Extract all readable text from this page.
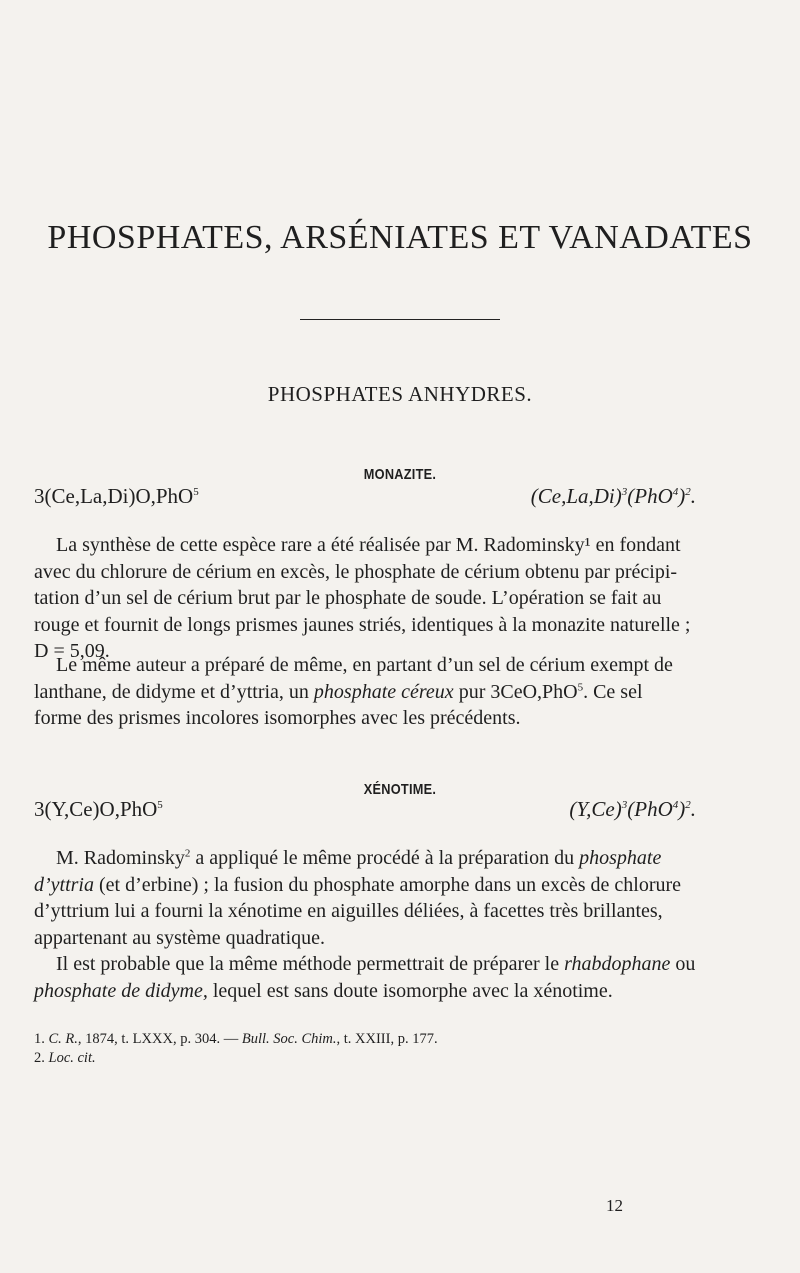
PHOSPHATES, ARSÉNIATES ET VANADATES
PHOSPHATES ANHYDRES.
MONAZITE.
3(Ce,La,Di)O,PhO$^5$	$(Ce,La,Di)^3(PhO^4)^2$.
La synthèse de cette espèce rare a été réalisée par M. Radominsky¹ en fondant
avec du chlorure de cérium en excès, le phosphate de cérium obtenu par précipi-
tation d’un sel de cérium brut par le phosphate de soude. L’opération se fait au
rouge et fournit de longs prismes jaunes striés, identiques à la monazite naturelle ;
D = 5,09.
Le même auteur a préparé de même, en partant d’un sel de cérium exempt de
lanthane, de didyme et d’yttria, un phosphate céreux pur 3CeO,PhO$^5$. Ce sel
forme des prismes incolores isomorphes avec les précédents.
XÉNOTIME.
3(Y,Ce)O,PhO$^5$	$(Y,Ce)^3(PhO^4)^2$.
M. Radominsky$^2$ a appliqué le même procédé à la préparation du phosphate
d’yttria (et d’erbine) ; la fusion du phosphate amorphe dans un excès de chlorure
d’yttrium lui a fourni la xénotime en aiguilles déliées, à facettes très brillantes,
appartenant au système quadratique.
Il est probable que la même méthode permettrait de préparer le rhabdophane ou
phosphate de didyme, lequel est sans doute isomorphe avec la xénotime.
1. C. R., 1874, t. LXXX, p. 304. — Bull. Soc. Chim., t. XXIII, p. 177.
2. Loc. cit.
12
